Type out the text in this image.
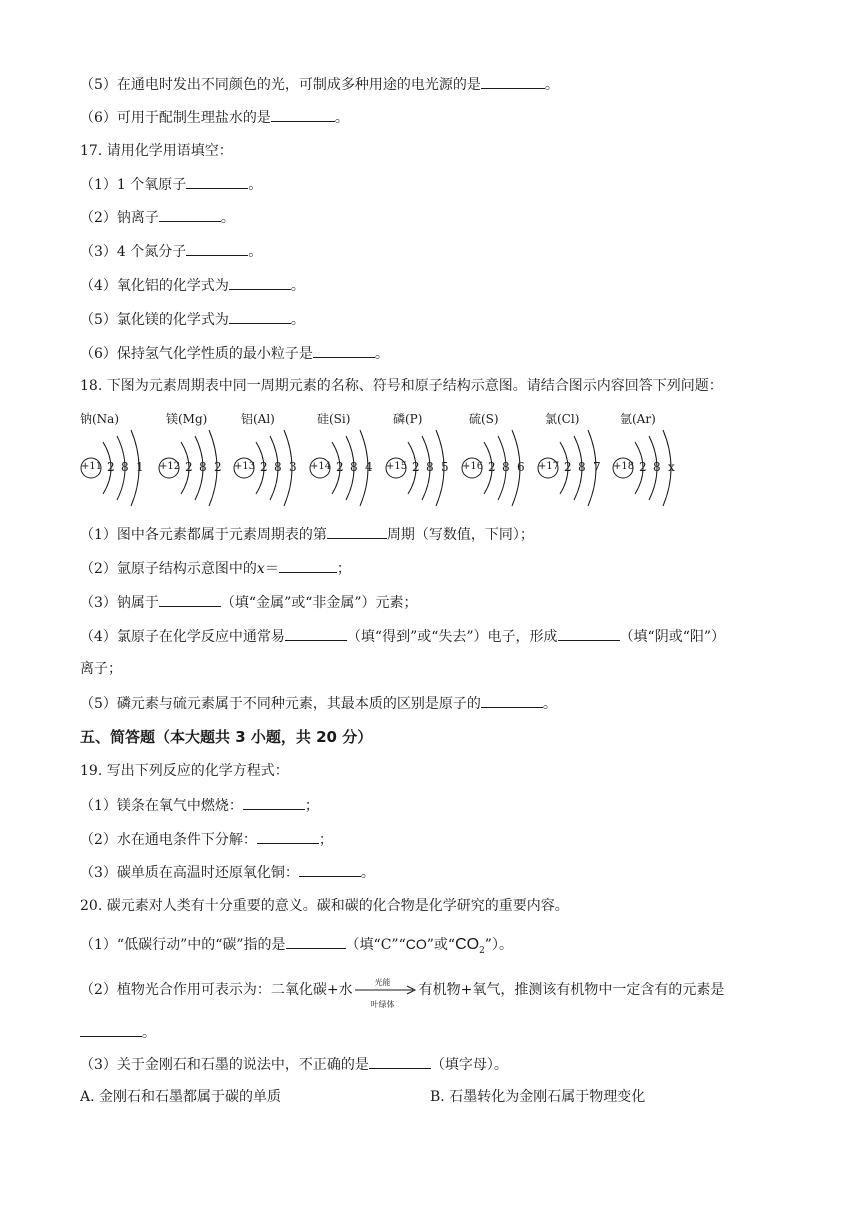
（5）在通电时发出不同颜色的光，可制成多种用途的电光源的是	。
（6）可用于配制生理盐水的是	。
17. 请用化学用语填空：
（1）1 个氧原子	。
（2）钠离子	。
（3）4 个氮分子	。
（4）氧化铝的化学式为	。
（5）氯化镁的化学式为	。
（6）保持氢气化学性质的最小粒子是	。
18. 下图为元素周期表中同一周期元素的名称、符号和原子结构示意图。请结合图示内容回答下列问题：
钠(Na)
+11 2 8 1
镁(Mg)
+12 2 8 2
铝(Al)
+13 2 8 3
硅(Si)
+14 2 8 4
磷(P)
+15 2 8 5
硫(S)
+16 2 8 6
氯(Cl)
+17 2 8 7
氩(Ar)
+18 2 8 x
（1）图中各元素都属于元素周期表的第	周期（写数值，下同）；
（2）氩原子结构示意图中的x＝	；
（3）钠属于	（填“金属”或“非金属”）元素；
（4）氯原子在化学反应中通常易	（填“得到”或“失去”）电子，形成	（填“阴或“阳”）
离子；
（5）磷元素与硫元素属于不同种元素，其最本质的区别是原子的	。
五、简答题（本大题共 3 小题，共 20 分）
19. 写出下列反应的化学方程式：
（1）镁条在氧气中燃烧：	；
（2）水在通电条件下分解：	；
（3）碳单质在高温时还原氧化铜：	。
20. 碳元素对人类有十分重要的意义。碳和碳的化合物是化学研究的重要内容。
（1）“低碳行动”中的“碳”指的是	（填“C”“CO”或“$CO_2$”）。
（2）植物光合作用可表示为：二氧化碳+水	光能
叶绿体
有机物+氧气，推测该有机物中一定含有的元素是
。
（3）关于金刚石和石墨的说法中，不正确的是	（填字母）。
A. 金刚石和石墨都属于碳的单质	B. 石墨转化为金刚石属于物理变化
